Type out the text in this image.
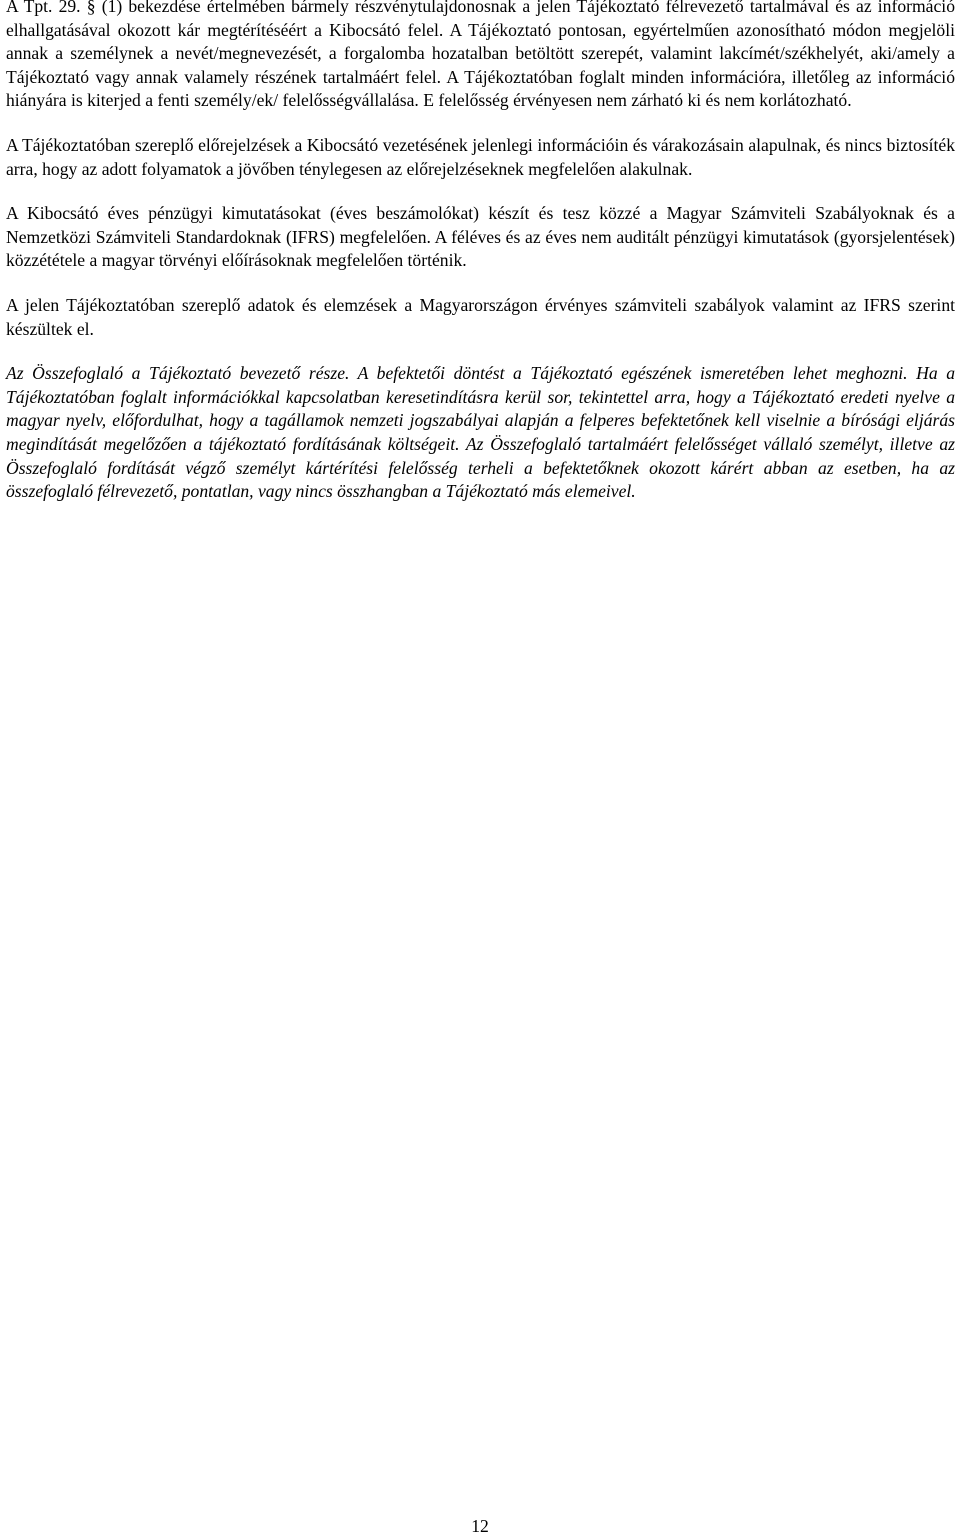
A Tpt. 29. § (1) bekezdése értelmében bármely részvénytulajdonosnak a jelen Tájékoztató félrevezető tartalmával és az információ elhallgatásával okozott kár megtérítéséért a Kibocsátó felel. A Tájékoztató pontosan, egyértelműen azonosítható módon megjelöli annak a személynek a nevét/megnevezését, a forgalomba hozatalban betöltött szerepét, valamint lakcímét/székhelyét, aki/amely a Tájékoztató vagy annak valamely részének tartalmáért felel. A Tájékoztatóban foglalt minden információra, illetőleg az információ hiányára is kiterjed a fenti személy/ek/ felelősségvállalása. E felelősség érvényesen nem zárható ki és nem korlátozható.

A Tájékoztatóban szereplő előrejelzések a Kibocsátó vezetésének jelenlegi információin és várakozásain alapulnak, és nincs biztosíték arra, hogy az adott folyamatok a jövőben ténylegesen az előrejelzéseknek megfelelően alakulnak.

A Kibocsátó éves pénzügyi kimutatásokat (éves beszámolókat) készít és tesz közzé a Magyar Számviteli Szabályoknak és a Nemzetközi Számviteli Standardoknak (IFRS) megfelelően. A féléves és az éves nem auditált pénzügyi kimutatások (gyorsjelentések) közzététele a magyar törvényi előírásoknak megfelelően történik.

A jelen Tájékoztatóban szereplő adatok és elemzések a Magyarországon érvényes számviteli szabályok valamint az IFRS szerint készültek el.

Az Összefoglaló a Tájékoztató bevezető része. A befektetői döntést a Tájékoztató egészének ismeretében lehet meghozni. Ha a Tájékoztatóban foglalt információkkal kapcsolatban keresetindításra kerül sor, tekintettel arra, hogy a Tájékoztató eredeti nyelve a magyar nyelv, előfordulhat, hogy a tagállamok nemzeti jogszabályai alapján a felperes befektetőnek kell viselnie a bírósági eljárás megindítását megelőzően a tájékoztató fordításának költségeit. Az Összefoglaló tartalmáért felelősséget vállaló személyt, illetve az Összefoglaló fordítását végző személyt kártérítési felelősség terheli a befektetőknek okozott kárért abban az esetben, ha az összefoglaló félrevezető, pontatlan, vagy nincs összhangban a Tájékoztató más elemeivel.

12
